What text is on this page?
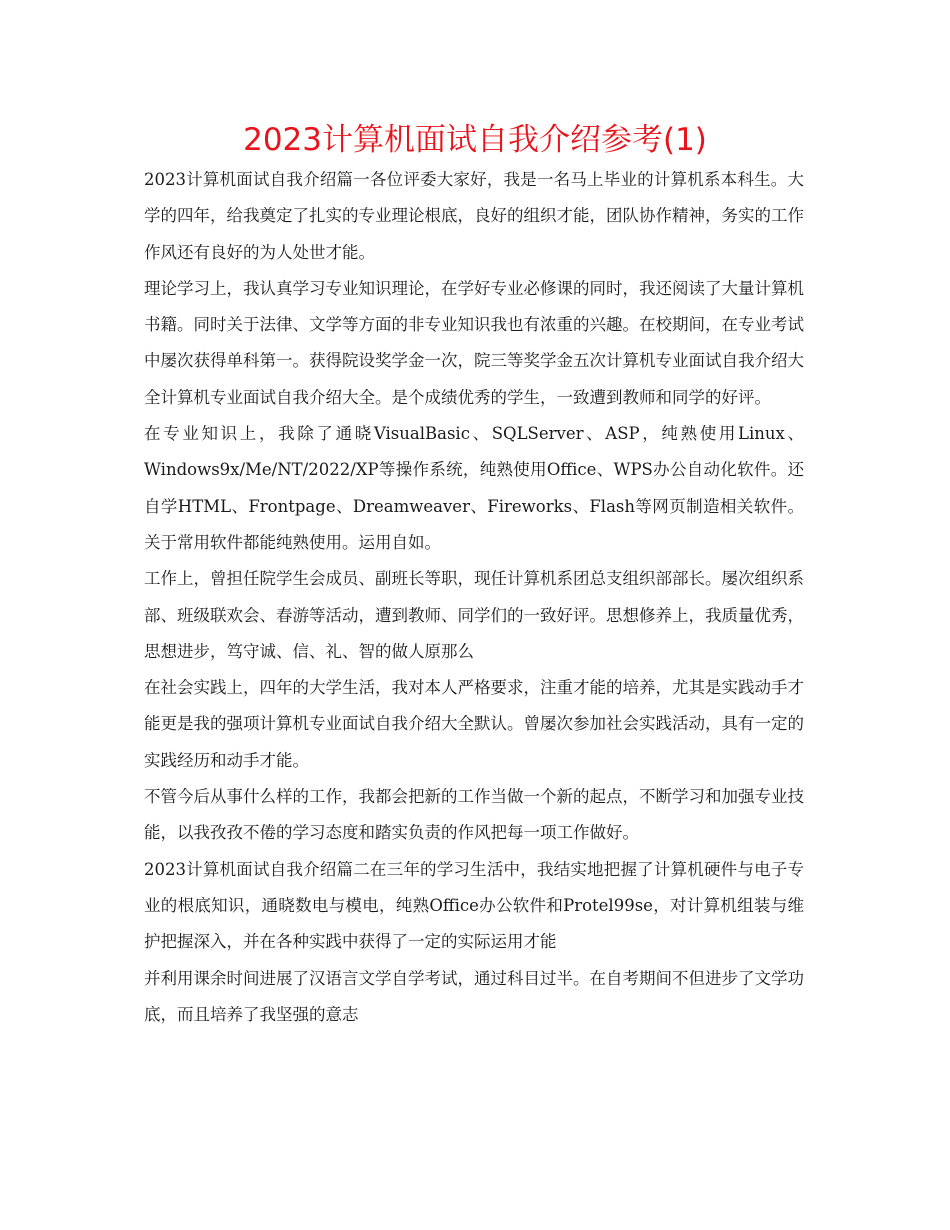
2023计算机面试自我介绍参考(1)

2023计算机面试自我介绍篇一各位评委大家好，我是一名马上毕业的计算机系本科生。大学的四年，给我奠定了扎实的专业理论根底，良好的组织才能，团队协作精神，务实的工作作风还有良好的为人处世才能。

理论学习上，我认真学习专业知识理论，在学好专业必修课的同时，我还阅读了大量计算机书籍。同时关于法律、文学等方面的非专业知识我也有浓重的兴趣。在校期间，在专业考试中屡次获得单科第一。获得院设奖学金一次，院三等奖学金五次计算机专业面试自我介绍大全计算机专业面试自我介绍大全。是个成绩优秀的学生，一致遭到教师和同学的好评。

在专业知识上，我除了通晓VisualBasic、SQLServer、ASP，纯熟使用Linux、Windows9x/Me/NT/2022/XP等操作系统，纯熟使用Office、WPS办公自动化软件。还自学HTML、Frontpage、Dreamweaver、Fireworks、Flash等网页制造相关软件。关于常用软件都能纯熟使用。运用自如。

工作上，曾担任院学生会成员、副班长等职，现任计算机系团总支组织部部长。屡次组织系部、班级联欢会、春游等活动，遭到教师、同学们的一致好评。思想修养上，我质量优秀，思想进步，笃守诚、信、礼、智的做人原那么

在社会实践上，四年的大学生活，我对本人严格要求，注重才能的培养，尤其是实践动手才能更是我的强项计算机专业面试自我介绍大全默认。曾屡次参加社会实践活动，具有一定的实践经历和动手才能。

不管今后从事什么样的工作，我都会把新的工作当做一个新的起点，不断学习和加强专业技能，以我孜孜不倦的学习态度和踏实负责的作风把每一项工作做好。

2023计算机面试自我介绍篇二在三年的学习生活中，我结实地把握了计算机硬件与电子专业的根底知识，通晓数电与模电，纯熟Office办公软件和Protel99se，对计算机组装与维护把握深入，并在各种实践中获得了一定的实际运用才能

并利用课余时间进展了汉语言文学自学考试，通过科目过半。在自考期间不但进步了文学功底，而且培养了我坚强的意志
